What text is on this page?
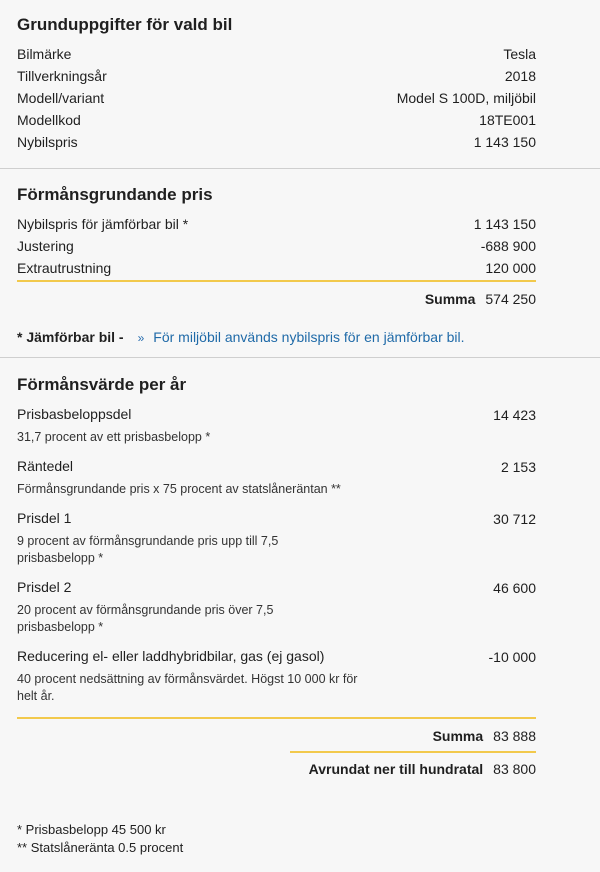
Grunduppgifter för vald bil
Bilmärke	Tesla
Tillverkningsår	2018
Modell/variant	Model S 100D, miljöbil
Modellkod	18TE001
Nybilspris	1 143 150
Förmånsgrundande pris
Nybilspris för jämförbar bil *	1 143 150
Justering	-688 900
Extrautrustning	120 000
Summa 574 250
* Jämförbar bil - » För miljöbil används nybilspris för en jämförbar bil.
Förmånsvärde per år
Prisbasbeloppsdel	14 423
31,7 procent av ett prisbasbelopp *
Räntedel	2 153
Förmånsgrundande pris x 75 procent av statslåneräntan **
Prisdel 1	30 712
9 procent av förmånsgrundande pris upp till 7,5 prisbasbelopp *
Prisdel 2	46 600
20 procent av förmånsgrundande pris över 7,5 prisbasbelopp *
Reducering el- eller laddhybridbilar, gas (ej gasol)	-10 000
40 procent nedsättning av förmånsvärdet. Högst 10 000 kr för helt år.
Summa 83 888
Avrundat ner till hundratal 83 800
* Prisbasbelopp 45 500 kr
** Statslåneränta 0.5 procent
